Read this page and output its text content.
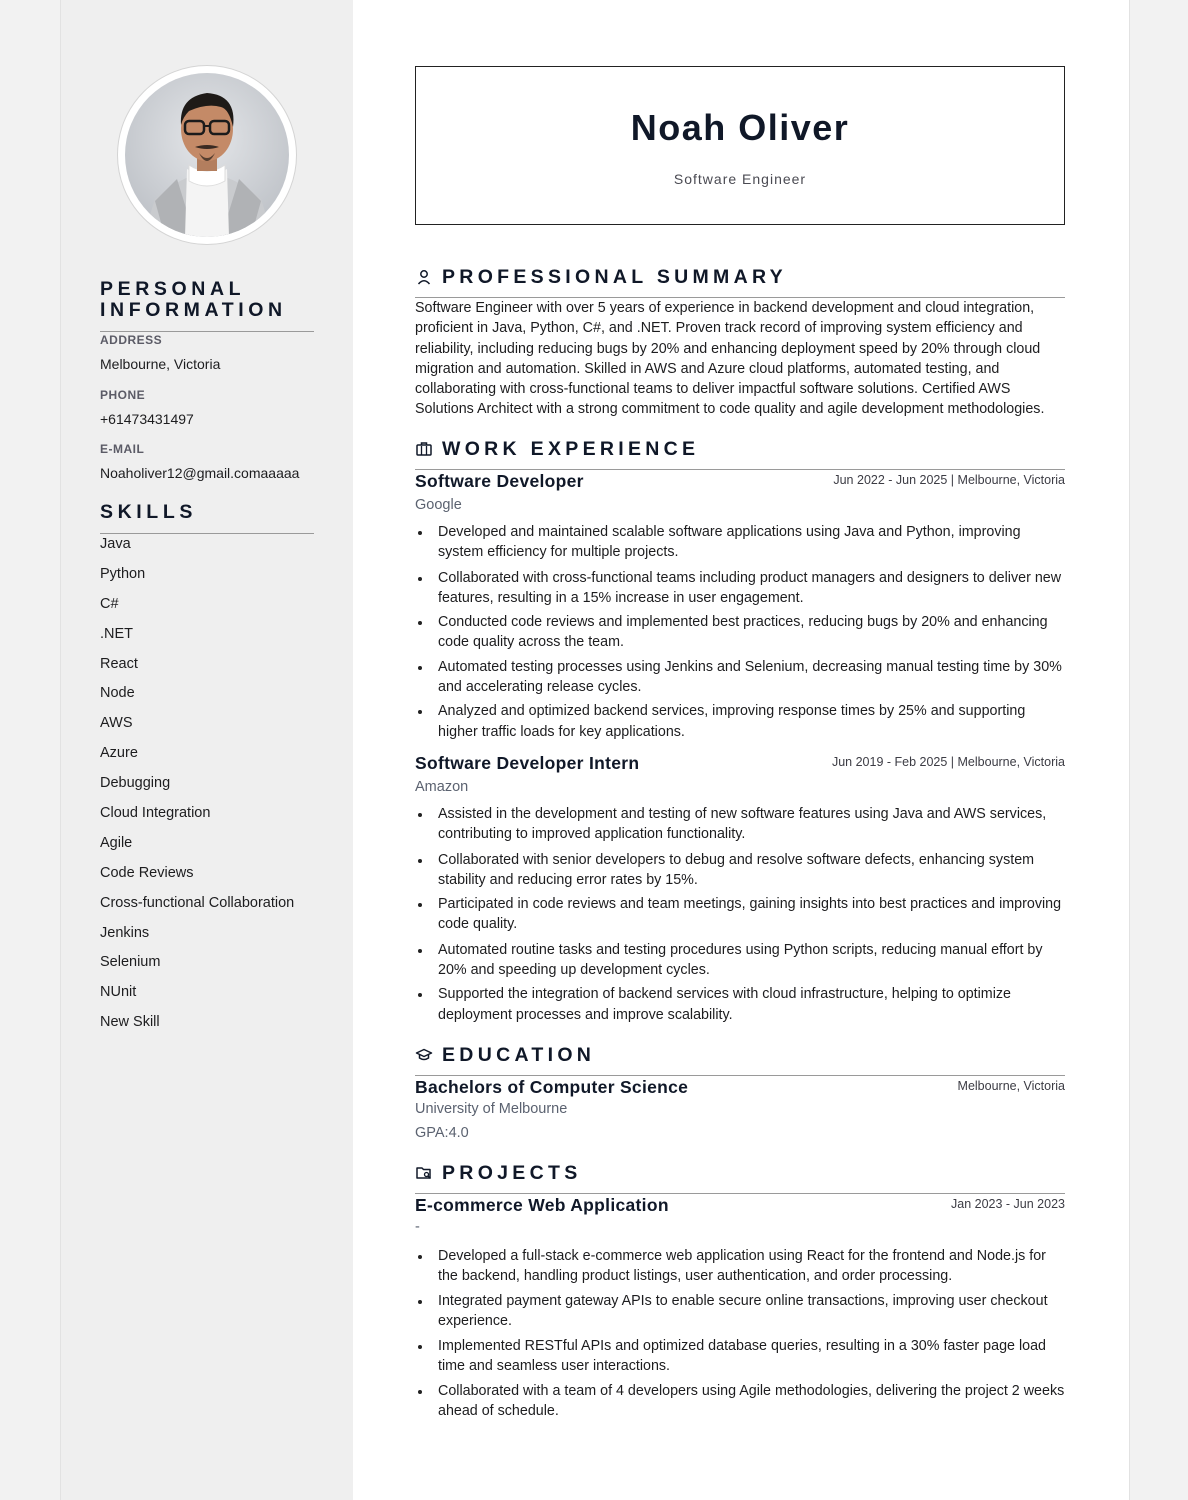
PERSONAL INFORMATION
ADDRESS
Melbourne, Victoria
PHONE
+61473431497
E-MAIL
Noaholiver12@gmail.comaaaaa
SKILLS
Java
Python
C#
.NET
React
Node
AWS
Azure
Debugging
Cloud Integration
Agile
Code Reviews
Cross-functional Collaboration
Jenkins
Selenium
NUnit
New Skill
Noah Oliver
Software Engineer
PROFESSIONAL SUMMARY
Software Engineer with over 5 years of experience in backend development and cloud integration, proficient in Java, Python, C#, and .NET. Proven track record of improving system efficiency and reliability, including reducing bugs by 20% and enhancing deployment speed by 20% through cloud migration and automation. Skilled in AWS and Azure cloud platforms, automated testing, and collaborating with cross-functional teams to deliver impactful software solutions. Certified AWS Solutions Architect with a strong commitment to code quality and agile development methodologies.
WORK EXPERIENCE
Software Developer	Jun 2022 - Jun 2025 | Melbourne, Victoria
Google
Developed and maintained scalable software applications using Java and Python, improving system efficiency for multiple projects.
Collaborated with cross-functional teams including product managers and designers to deliver new features, resulting in a 15% increase in user engagement.
Conducted code reviews and implemented best practices, reducing bugs by 20% and enhancing code quality across the team.
Automated testing processes using Jenkins and Selenium, decreasing manual testing time by 30% and accelerating release cycles.
Analyzed and optimized backend services, improving response times by 25% and supporting higher traffic loads for key applications.
Software Developer Intern	Jun 2019 - Feb 2025 | Melbourne, Victoria
Amazon
Assisted in the development and testing of new software features using Java and AWS services, contributing to improved application functionality.
Collaborated with senior developers to debug and resolve software defects, enhancing system stability and reducing error rates by 15%.
Participated in code reviews and team meetings, gaining insights into best practices and improving code quality.
Automated routine tasks and testing procedures using Python scripts, reducing manual effort by 20% and speeding up development cycles.
Supported the integration of backend services with cloud infrastructure, helping to optimize deployment processes and improve scalability.
EDUCATION
Bachelors of Computer Science	Melbourne, Victoria
University of Melbourne
GPA:4.0
PROJECTS
E-commerce Web Application	Jan 2023 - Jun 2023
-
Developed a full-stack e-commerce web application using React for the frontend and Node.js for the backend, handling product listings, user authentication, and order processing.
Integrated payment gateway APIs to enable secure online transactions, improving user checkout experience.
Implemented RESTful APIs and optimized database queries, resulting in a 30% faster page load time and seamless user interactions.
Collaborated with a team of 4 developers using Agile methodologies, delivering the project 2 weeks ahead of schedule.
